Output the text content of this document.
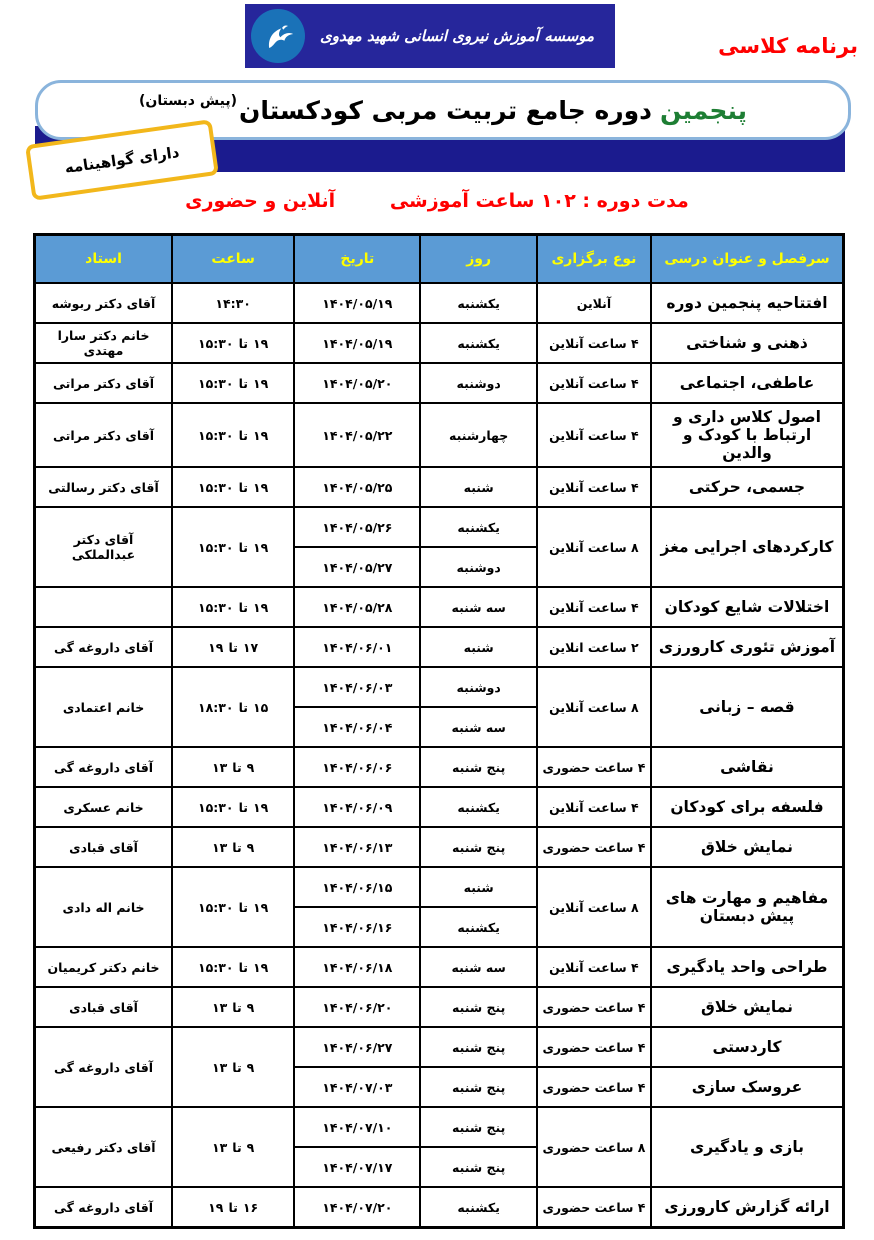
موسسه آموزش نیروی انسانی شهید مهدوی	برنامه کلاسی
پنجمین
دوره جامع تربیت مربی کودکستان
(پیش دبستان)
دارای گواهینامه
مدت دوره : ۱۰۲ ساعت آموزشی آنلاین و حضوری
سرفصل و عنوان درسی	نوع برگزاری	روز	تاریخ	ساعت	استاد
افتتاحیه پنجمین دوره	آنلاین	یکشنبه	۱۴۰۴/۰۵/۱۹	۱۴:۳۰	آقای دکتر ربوشه
ذهنی و شناختی	۴ ساعت آنلاین	یکشنبه	۱۴۰۴/۰۵/۱۹	۱۵:۳۰ تا ۱۹	خانم دکتر سارا مهتدی
عاطفی، اجتماعی	۴ ساعت آنلاین	دوشنبه	۱۴۰۴/۰۵/۲۰	۱۵:۳۰ تا ۱۹	آقای دکتر مراتی
اصول کلاس داری و ارتباط با کودک و والدین	۴ ساعت آنلاین	چهارشنبه	۱۴۰۴/۰۵/۲۲	۱۵:۳۰ تا ۱۹	آقای دکتر مراتی
جسمی، حرکتی	۴ ساعت آنلاین	شنبه	۱۴۰۴/۰۵/۲۵	۱۵:۳۰ تا ۱۹	آقای دکتر رسالتی
کارکردهای اجرایی مغز	۸ ساعت آنلاین	یکشنبه	۱۴۰۴/۰۵/۲۶	۱۵:۳۰ تا ۱۹	آقای دکتر عبدالملکی
		دوشنبه	۱۴۰۴/۰۵/۲۷		
اختلالات شایع کودکان	۴ ساعت آنلاین	سه شنبه	۱۴۰۴/۰۵/۲۸	۱۵:۳۰ تا ۱۹	

آموزش تئوری کارورزی	۲ ساعت انلاین	شنبه	۱۴۰۴/۰۶/۰۱	۱۹ تا ۱۷	آقای داروغه گی
قصه – زبانی	۸ ساعت آنلاین	دوشنبه	۱۴۰۴/۰۶/۰۳	۱۸:۳۰ تا ۱۵	خانم اعتمادی
		سه شنبه	۱۴۰۴/۰۶/۰۴		
نقاشی	۴ ساعت حضوری	پنج شنبه	۱۴۰۴/۰۶/۰۶	۱۳ تا ۹	آقای داروغه گی
فلسفه برای کودکان	۴ ساعت آنلاین	یکشنبه	۱۴۰۴/۰۶/۰۹	۱۵:۳۰ تا ۱۹	خانم عسکری
نمایش خلاق	۴ ساعت حضوری	پنج شنبه	۱۴۰۴/۰۶/۱۳	۱۳ تا ۹	آقای قبادی
مفاهیم و مهارت های پیش دبستان	۸ ساعت آنلاین	شنبه	۱۴۰۴/۰۶/۱۵	۱۵:۳۰ تا ۱۹	خانم اله دادی
		یکشنبه	۱۴۰۴/۰۶/۱۶		
طراحی واحد یادگیری	۴ ساعت آنلاین	سه شنبه	۱۴۰۴/۰۶/۱۸	۱۵:۳۰ تا ۱۹	خانم دکتر کریمیان
نمایش خلاق	۴ ساعت حضوری	پنج شنبه	۱۴۰۴/۰۶/۲۰	۱۳ تا ۹	آقای قبادی
کاردستی	۴ ساعت حضوری	پنج شنبه	۱۴۰۴/۰۶/۲۷	۱۳ تا ۹	آقای داروغه گی
عروسک سازی	۴ ساعت حضوری	پنج شنبه	۱۴۰۴/۰۷/۰۳		
بازی و یادگیری	۸ ساعت حضوری	پنج شنبه	۱۴۰۴/۰۷/۱۰	۱۳ تا ۹	آقای دکتر رفیعی
		پنج شنبه	۱۴۰۴/۰۷/۱۷		
ارائه گزارش کارورزی	۴ ساعت حضوری	یکشنبه	۱۴۰۴/۰۷/۲۰	۱۹ تا ۱۶	آقای داروغه گی
